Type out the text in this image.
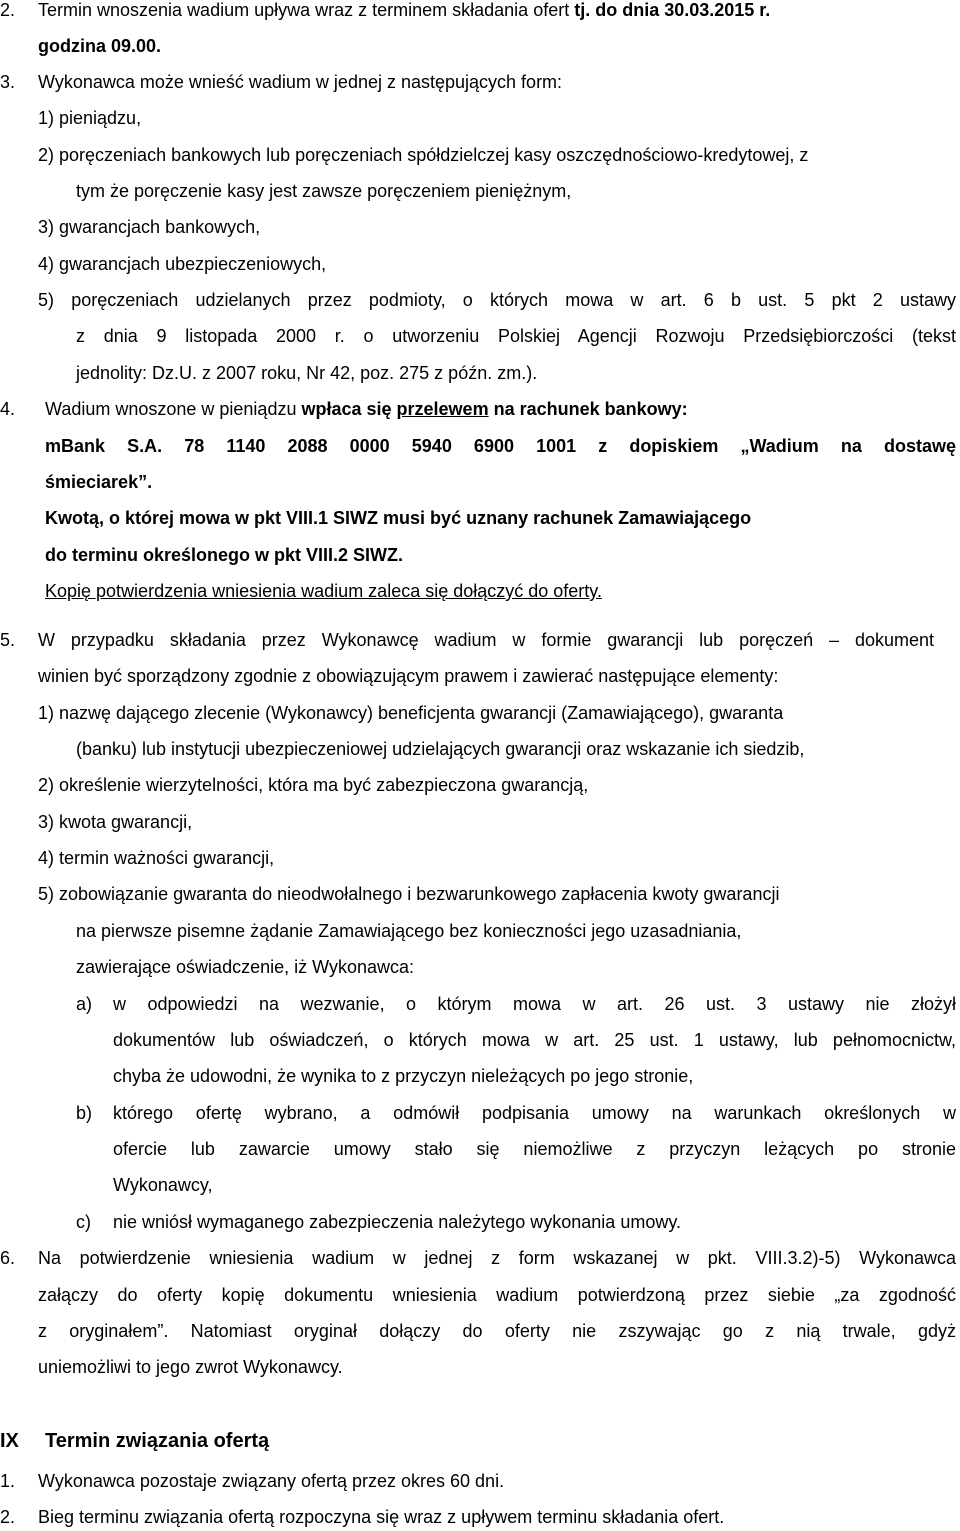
2. Termin wnoszenia wadium upływa wraz z terminem składania ofert tj. do dnia 30.03.2015 r.
godzina 09.00.
3. Wykonawca może wnieść wadium w jednej z następujących form:
1) pieniądzu,
2) poręczeniach bankowych lub poręczeniach spółdzielczej kasy oszczędnościowo-kredytowej, z
tym że poręczenie kasy jest zawsze poręczeniem pieniężnym,
3) gwarancjach bankowych,
4) gwarancjach ubezpieczeniowych,
5) poręczeniach udzielanych przez podmioty, o których mowa w art. 6 b ust. 5 pkt 2 ustawy
z dnia 9 listopada 2000 r. o utworzeniu Polskiej Agencji Rozwoju Przedsiębiorczości (tekst
jednolity: Dz.U. z 2007 roku, Nr 42, poz. 275 z późn. zm.).
4. Wadium wnoszone w pieniądzu wpłaca się przelewem na rachunek bankowy:
mBank S.A. 78 1140 2088 0000 5940 6900 1001 z dopiskiem „Wadium na dostawę
śmieciarek”.
Kwotą, o której mowa w pkt VIII.1 SIWZ musi być uznany rachunek Zamawiającego
do terminu określonego w pkt VIII.2 SIWZ.
Kopię potwierdzenia wniesienia wadium zaleca się dołączyć do oferty.
5. W przypadku składania przez Wykonawcę wadium w formie gwarancji lub poręczeń – dokument
winien być sporządzony zgodnie z obowiązującym prawem i zawierać następujące elementy:
1) nazwę dającego zlecenie (Wykonawcy) beneficjenta gwarancji (Zamawiającego), gwaranta
(banku) lub instytucji ubezpieczeniowej udzielających gwarancji oraz wskazanie ich siedzib,
2) określenie wierzytelności, która ma być zabezpieczona gwarancją,
3) kwota gwarancji,
4) termin ważności gwarancji,
5) zobowiązanie gwaranta do nieodwołalnego i bezwarunkowego zapłacenia kwoty gwarancji
na pierwsze pisemne żądanie Zamawiającego bez konieczności jego uzasadniania,
zawierające oświadczenie, iż Wykonawca:
a) w odpowiedzi na wezwanie, o którym mowa w art. 26 ust. 3 ustawy nie złożył
dokumentów lub oświadczeń, o których mowa w art. 25 ust. 1 ustawy, lub pełnomocnictw,
chyba że udowodni, że wynika to z przyczyn nieleżących po jego stronie,
b) którego ofertę wybrano, a odmówił podpisania umowy na warunkach określonych w
ofercie lub zawarcie umowy stało się niemożliwe z przyczyn leżących po stronie
Wykonawcy,
c) nie wniósł wymaganego zabezpieczenia należytego wykonania umowy.
6. Na potwierdzenie wniesienia wadium w jednej z form wskazanej w pkt. VIII.3.2)-5) Wykonawca
załączy do oferty kopię dokumentu wniesienia wadium potwierdzoną przez siebie „za zgodność
z oryginałem”. Natomiast oryginał dołączy do oferty nie zszywając go z nią trwale, gdyż
uniemożliwi to jego zwrot Wykonawcy.
IX Termin związania ofertą
1. Wykonawca pozostaje związany ofertą przez okres 60 dni.
2. Bieg terminu związania ofertą rozpoczyna się wraz z upływem terminu składania ofert.
